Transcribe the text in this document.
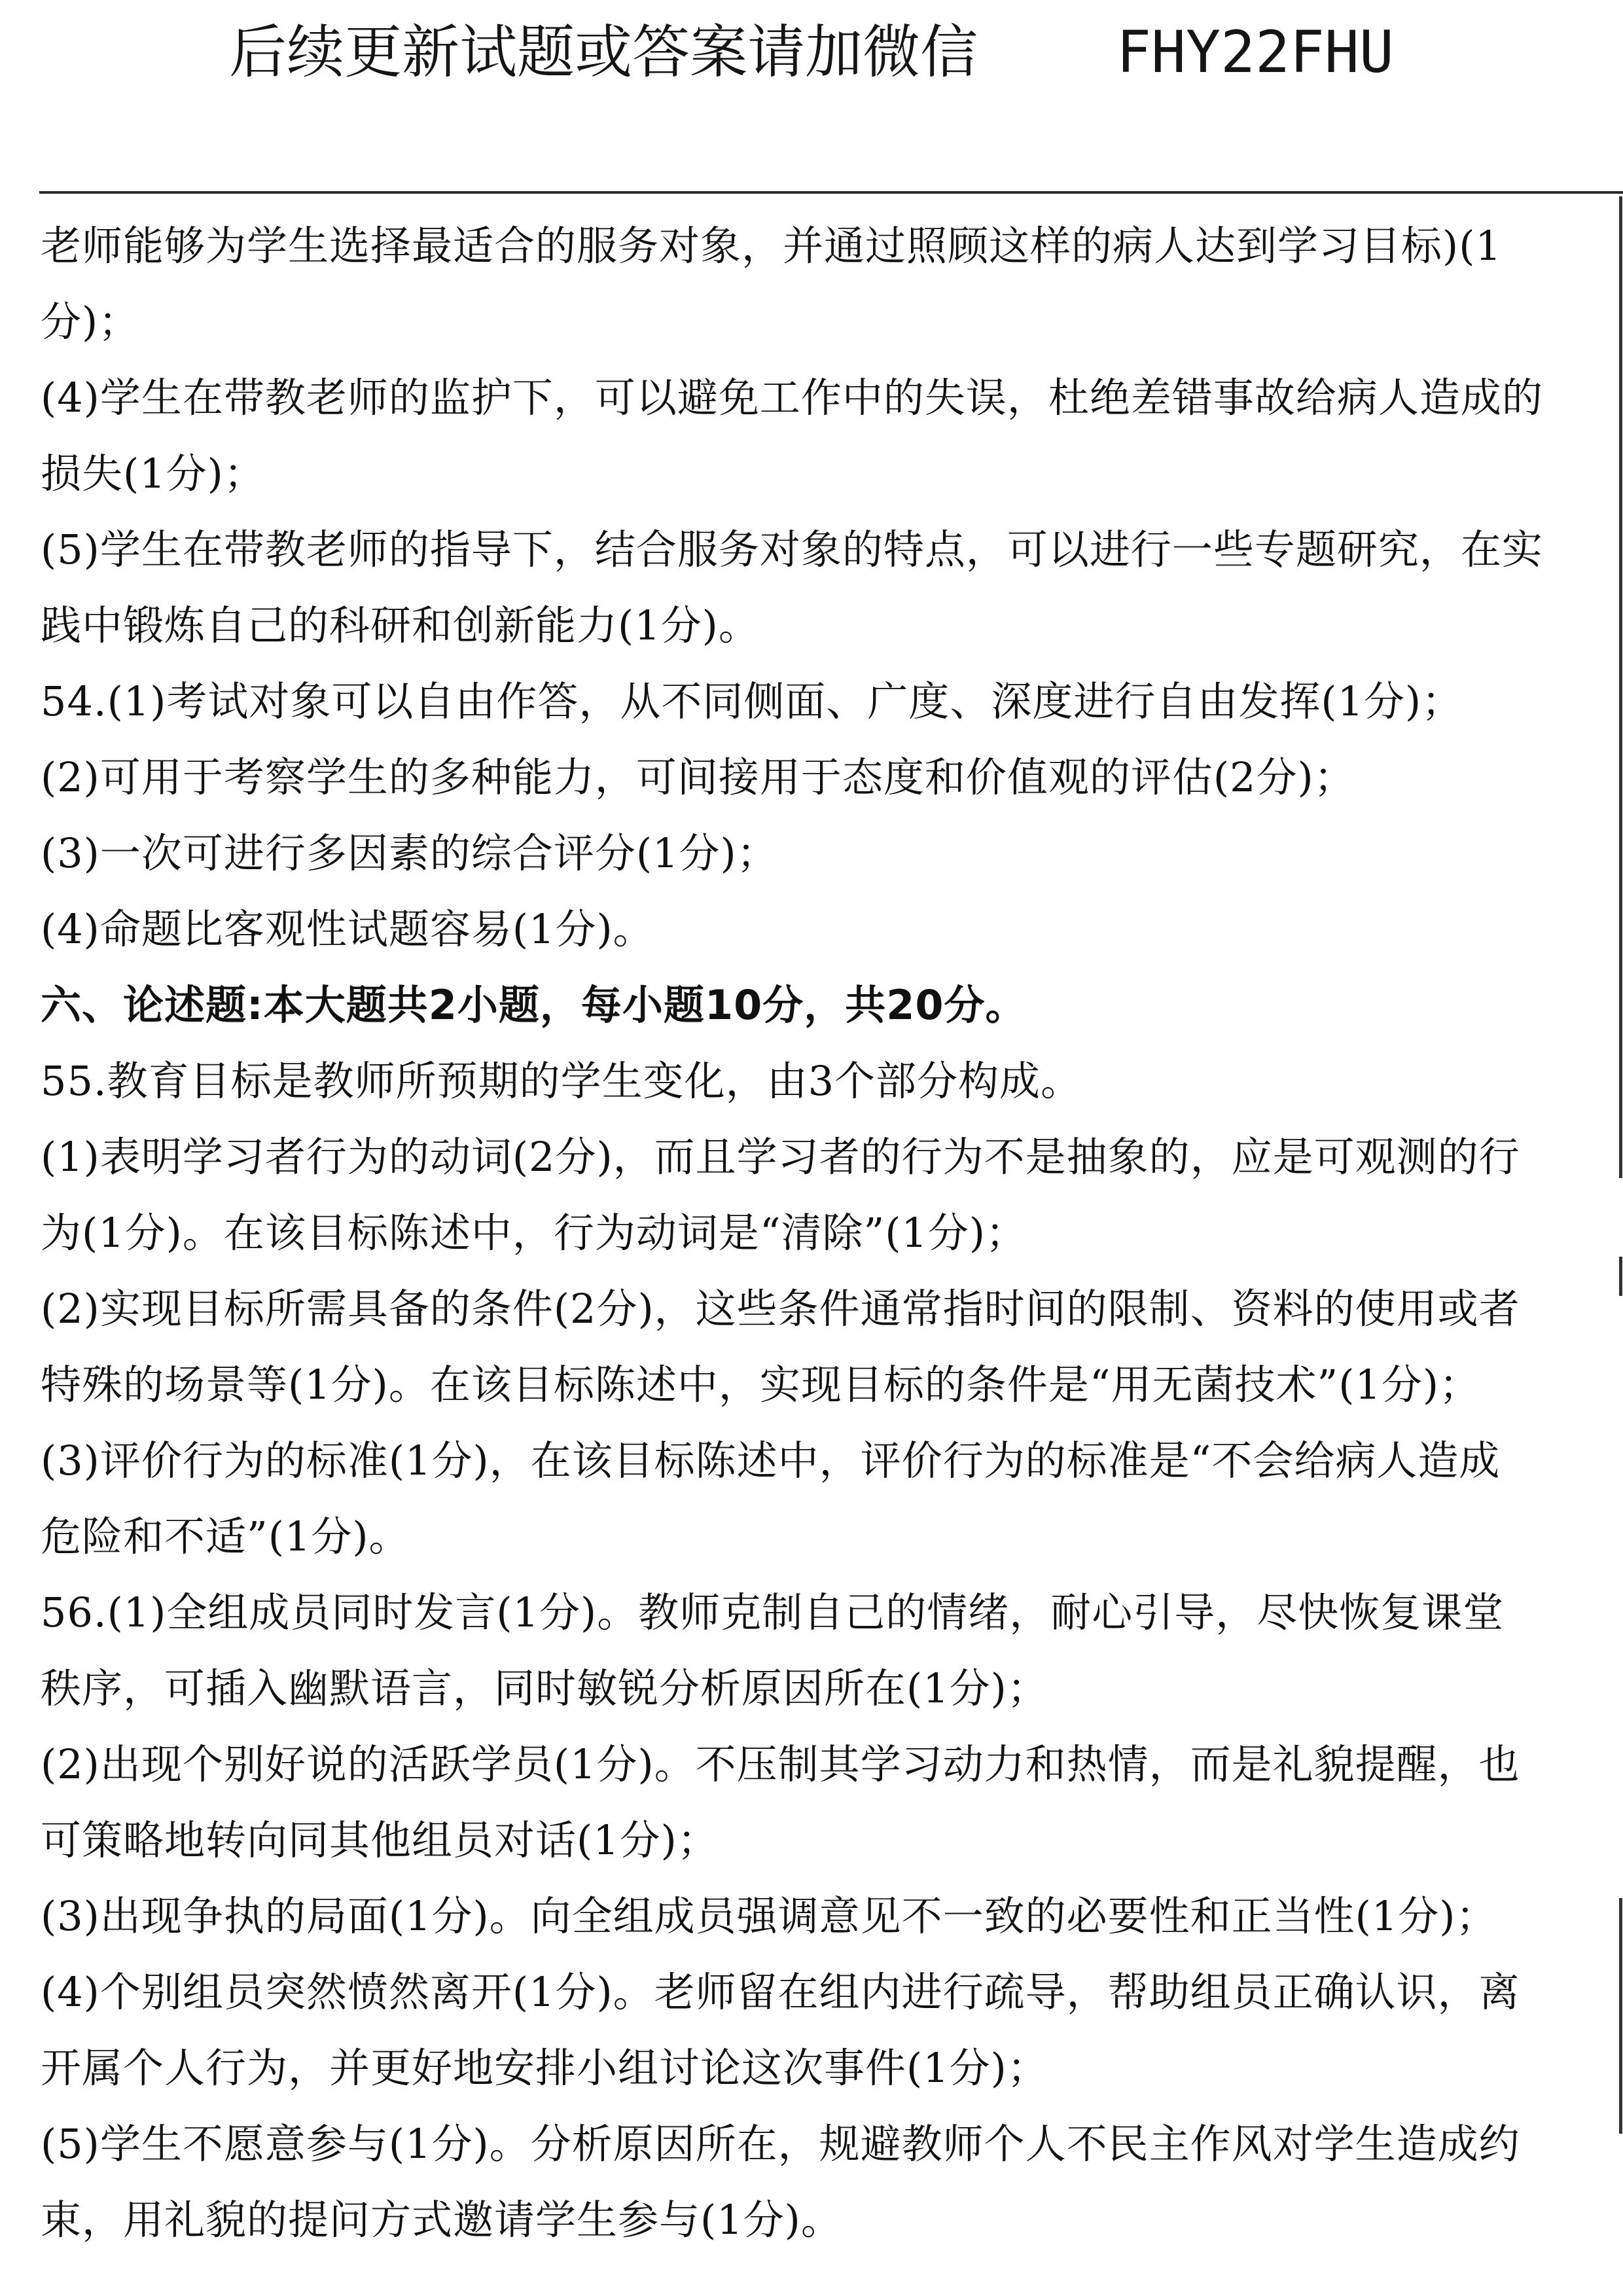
后续更新试题或答案请加微信    FHY22FHU
老师能够为学生选择最适合的服务对象，并通过照顾这样的病人达到学习目标)(1
分)；
(4)学生在带教老师的监护下，可以避免工作中的失误，杜绝差错事故给病人造成的
损失(1分)；
(5)学生在带教老师的指导下，结合服务对象的特点，可以进行一些专题研究，在实
践中锻炼自己的科研和创新能力(1分)。
54.(1)考试对象可以自由作答，从不同侧面、广度、深度进行自由发挥(1分)；
(2)可用于考察学生的多种能力，可间接用于态度和价值观的评估(2分)；
(3)一次可进行多因素的综合评分(1分)；
(4)命题比客观性试题容易(1分)。
六、论述题:本大题共2小题，每小题10分，共20分。
55.教育目标是教师所预期的学生变化，由3个部分构成。
(1)表明学习者行为的动词(2分)，而且学习者的行为不是抽象的，应是可观测的行
为(1分)。在该目标陈述中，行为动词是“清除”(1分)；
(2)实现目标所需具备的条件(2分)，这些条件通常指时间的限制、资料的使用或者
特殊的场景等(1分)。在该目标陈述中，实现目标的条件是“用无菌技术”(1分)；
(3)评价行为的标准(1分)，在该目标陈述中，评价行为的标准是“不会给病人造成
危险和不适”(1分)。
56.(1)全组成员同时发言(1分)。教师克制自己的情绪，耐心引导，尽快恢复课堂
秩序，可插入幽默语言，同时敏锐分析原因所在(1分)；
(2)出现个别好说的活跃学员(1分)。不压制其学习动力和热情，而是礼貌提醒，也
可策略地转向同其他组员对话(1分)；
(3)出现争执的局面(1分)。向全组成员强调意见不一致的必要性和正当性(1分)；
(4)个别组员突然愤然离开(1分)。老师留在组内进行疏导，帮助组员正确认识，离
开属个人行为，并更好地安排小组讨论这次事件(1分)；
(5)学生不愿意参与(1分)。分析原因所在，规避教师个人不民主作风对学生造成约
束，用礼貌的提问方式邀请学生参与(1分)。
